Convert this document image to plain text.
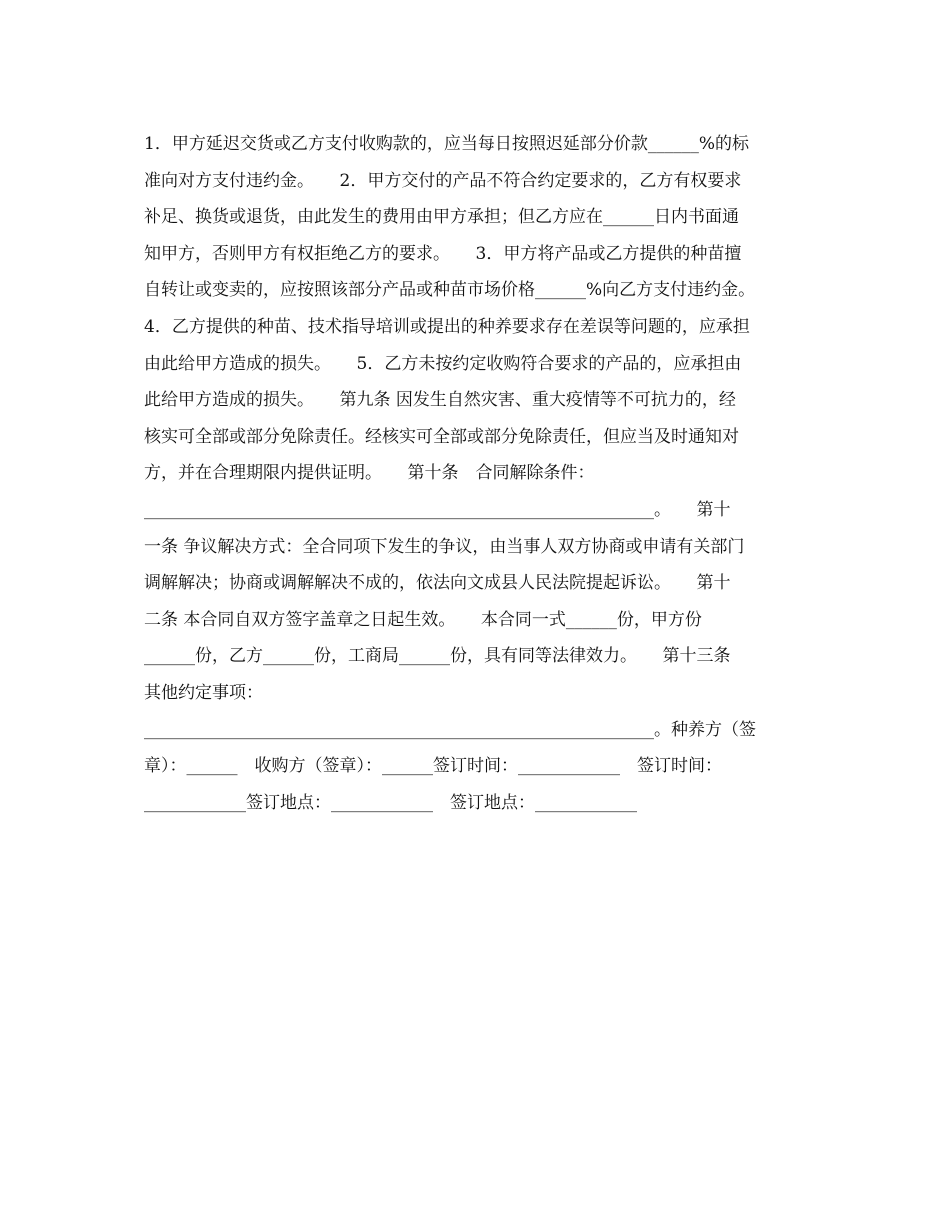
1．甲方延迟交货或乙方支付收购款的，应当每日按照迟延部分价款______%的标
准向对方支付违约金。　　2．甲方交付的产品不符合约定要求的，乙方有权要求
补足、换货或退货，由此发生的费用由甲方承担；但乙方应在______日内书面通
知甲方，否则甲方有权拒绝乙方的要求。　　3．甲方将产品或乙方提供的种苗擅
自转让或变卖的，应按照该部分产品或种苗市场价格______%向乙方支付违约金。
4．乙方提供的种苗、技术指导培训或提出的种养要求存在差误等问题的，应承担
由此给甲方造成的损失。　　5．乙方未按约定收购符合要求的产品的，应承担由
此给甲方造成的损失。　　第九条 因发生自然灾害、重大疫情等不可抗力的，经
核实可全部或部分免除责任。经核实可全部或部分免除责任，但应当及时通知对
方，并在合理期限内提供证明。　　第十条　合同解除条件：
____________________________________________________________。　　第十
一条 争议解决方式：全合同项下发生的争议，由当事人双方协商或申请有关部门
调解解决；协商或调解解决不成的，依法向文成县人民法院提起诉讼。　　第十
二条 本合同自双方签字盖章之日起生效。　　本合同一式______份，甲方份
______份，乙方______份，工商局______份，具有同等法律效力。　　第十三条
其他约定事项：
____________________________________________________________。种养方（签
章）：______　收购方（签章）：______签订时间：____________　签订时间：
____________签订地点：____________　签订地点：____________
